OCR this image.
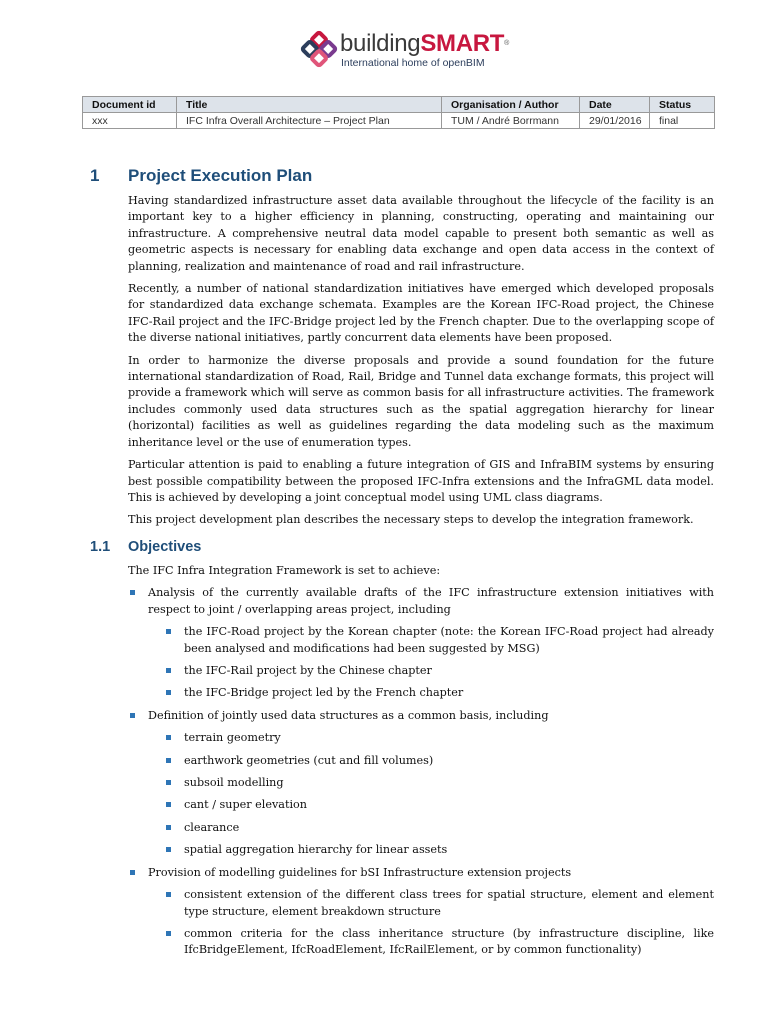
buildingSMART®
International home of openBIM
Document id	Title	Organisation / Author	Date	Status
xxx	IFC Infra Overall Architecture – Project Plan	TUM / André Borrmann	29/01/2016	final
1 Project Execution Plan

Having standardized infrastructure asset data available throughout the lifecycle of the facility is an important key to a higher efficiency in planning, constructing, operating and maintaining our infrastructure. A comprehensive neutral data model capable to present both semantic as well as geometric aspects is necessary for enabling data exchange and open data access in the context of planning, realization and maintenance of road and rail infrastructure.

Recently, a number of national standardization initiatives have emerged which developed proposals for standardized data exchange schemata. Examples are the Korean IFC-Road project, the Chinese IFC-Rail project and the IFC-Bridge project led by the French chapter. Due to the overlapping scope of the diverse national initiatives, partly concurrent data elements have been proposed.

In order to harmonize the diverse proposals and provide a sound foundation for the future international standardization of Road, Rail, Bridge and Tunnel data exchange formats, this project will provide a framework which will serve as common basis for all infrastructure activities. The framework includes commonly used data structures such as the spatial aggregation hierarchy for linear (horizontal) facilities as well as guidelines regarding the data modeling such as the maximum inheritance level or the use of enumeration types.

Particular attention is paid to enabling a future integration of GIS and InfraBIM systems by ensuring best possible compatibility between the proposed IFC-Infra extensions and the InfraGML data model. This is achieved by developing a joint conceptual model using UML class diagrams.

This project development plan describes the necessary steps to develop the integration framework.

1.1 Objectives

The IFC Infra Integration Framework is set to achieve:

Analysis of the currently available drafts of the IFC infrastructure extension initiatives with respect to joint / overlapping areas project, including
the IFC-Road project by the Korean chapter (note: the Korean IFC-Road project had already been analysed and modifications had been suggested by MSG)
the IFC-Rail project by the Chinese chapter
the IFC-Bridge project led by the French chapter
Definition of jointly used data structures as a common basis, including
terrain geometry
earthwork geometries (cut and fill volumes)
subsoil modelling
cant / super elevation
clearance
spatial aggregation hierarchy for linear assets
Provision of modelling guidelines for bSI Infrastructure extension projects
consistent extension of the different class trees for spatial structure, element and element type structure, element breakdown structure
common criteria for the class inheritance structure (by infrastructure discipline, like IfcBridgeElement, IfcRoadElement, IfcRailElement, or by common functionality)
